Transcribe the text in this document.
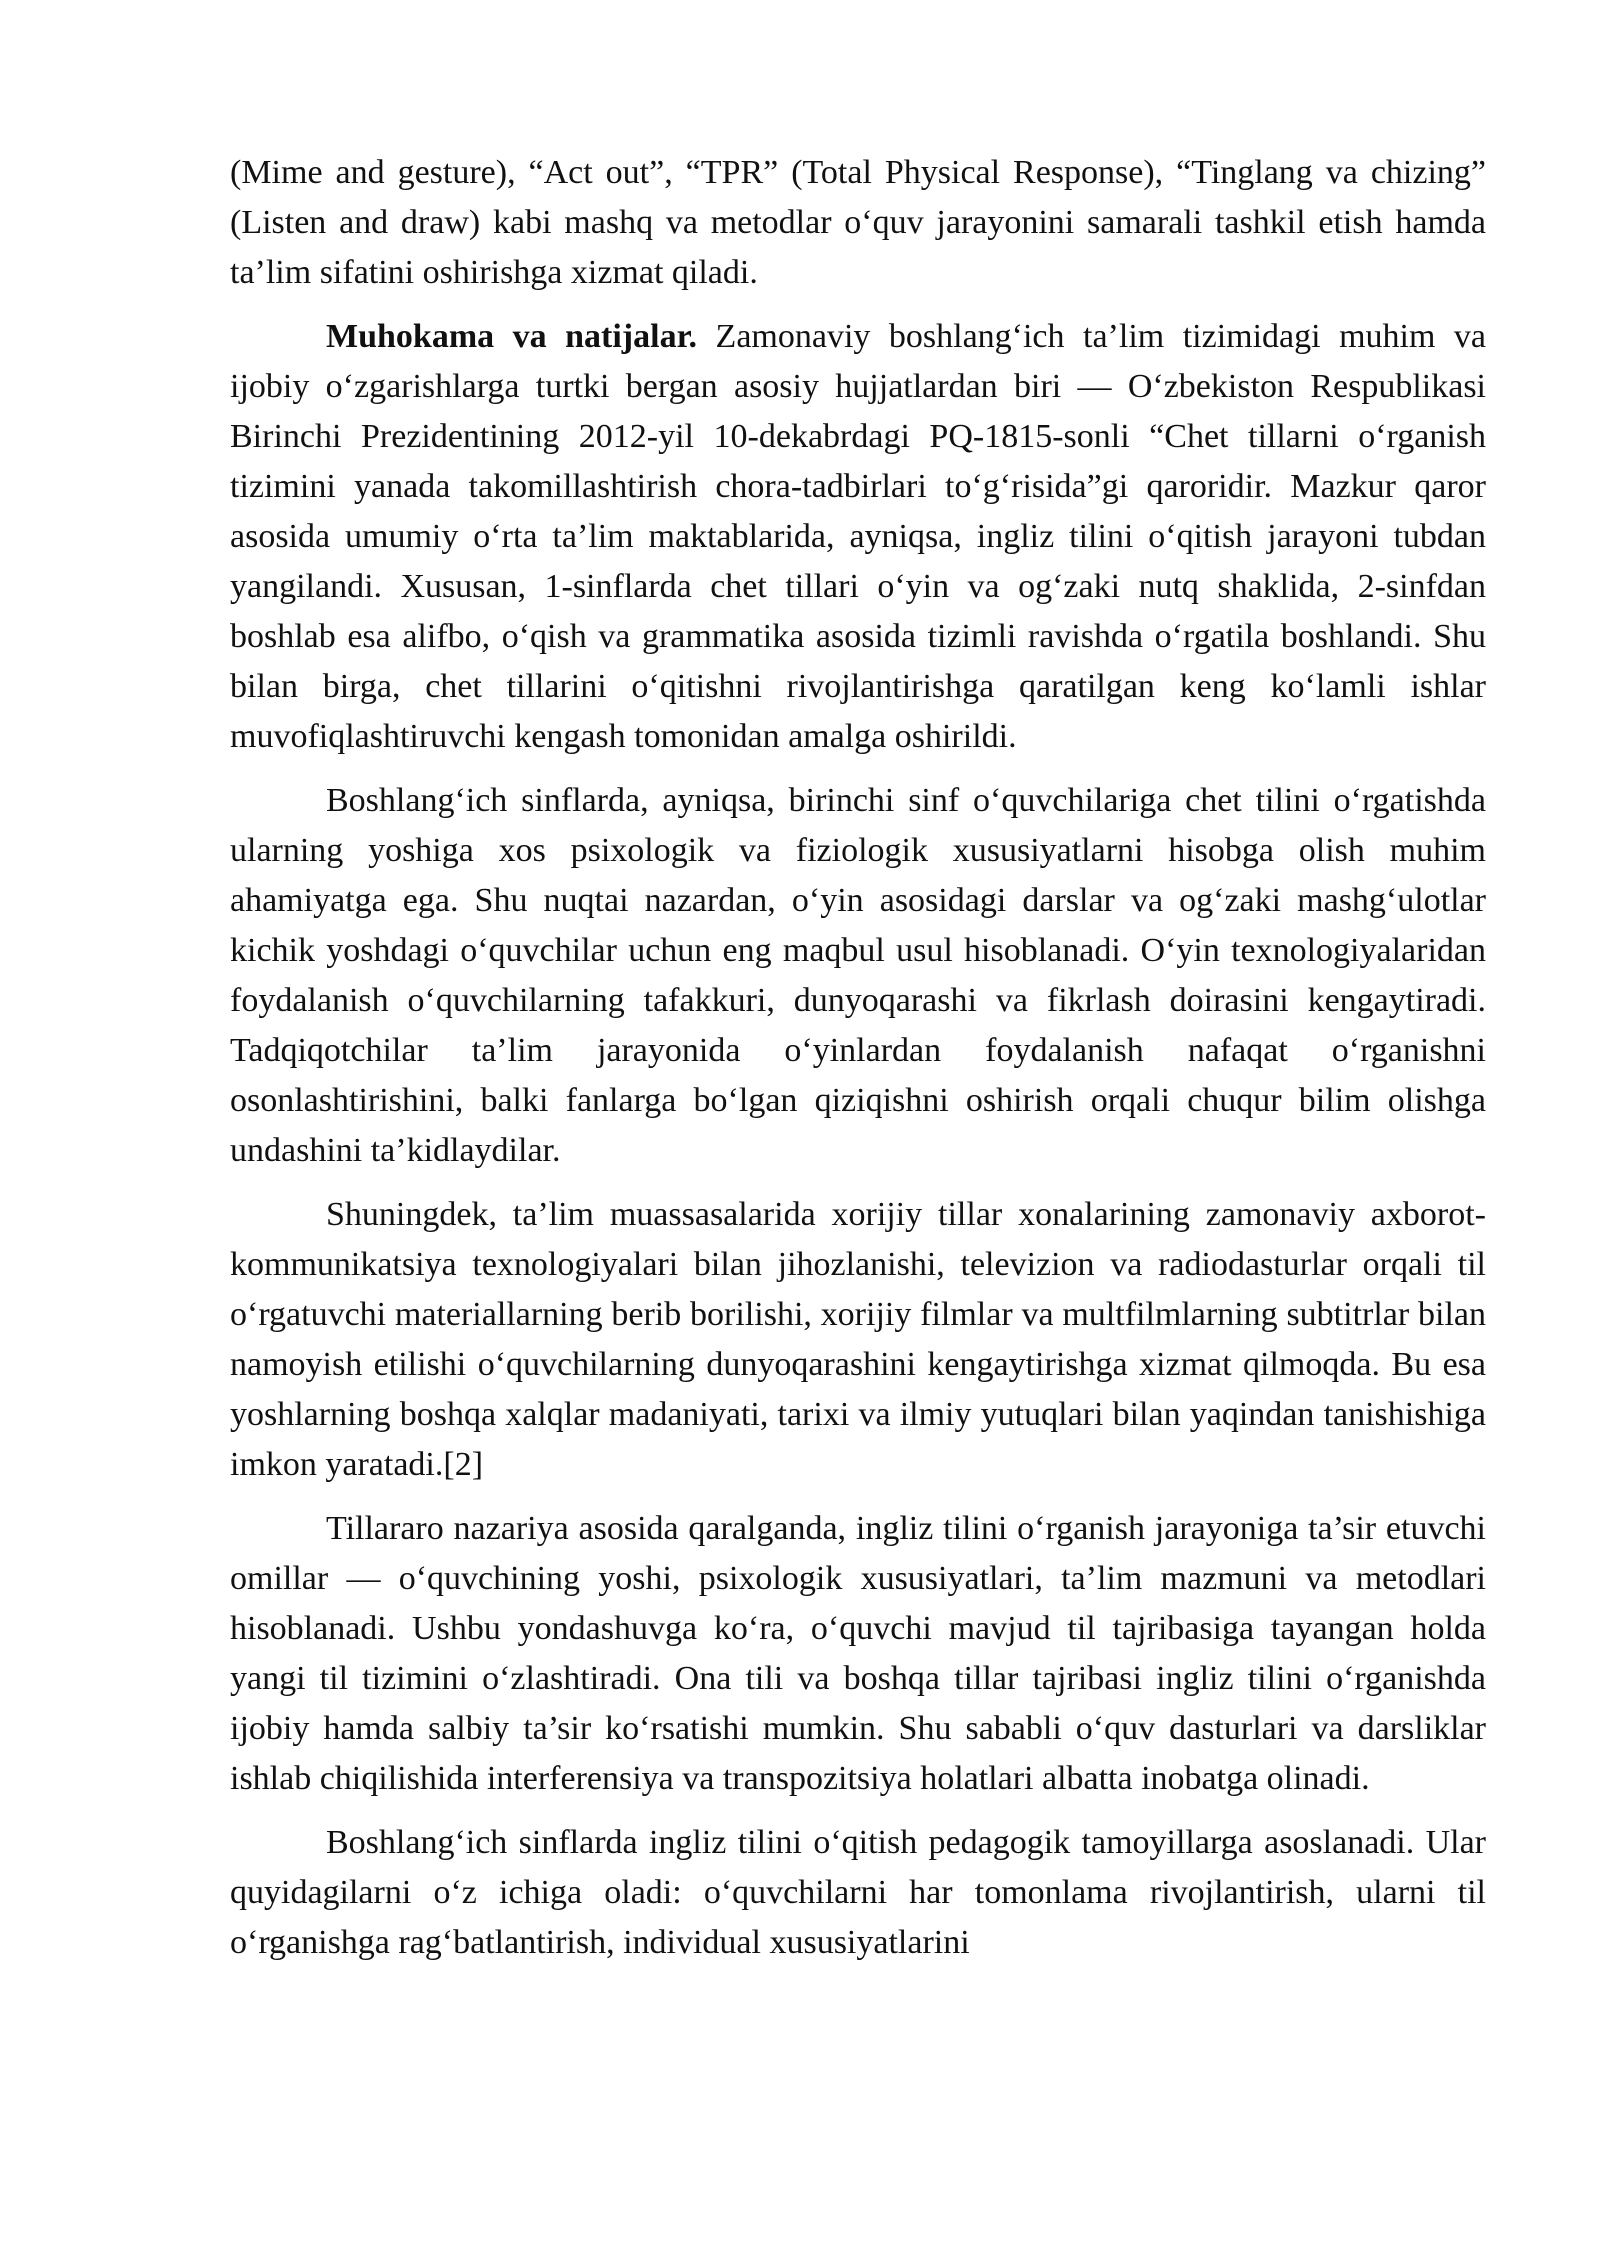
(Mime and gesture), “Act out”, “TPR” (Total Physical Response), “Tinglang va chizing” (Listen and draw) kabi mashq va metodlar o‘quv jarayonini samarali tashkil etish hamda ta’lim sifatini oshirishga xizmat qiladi.

Muhokama va natijalar. Zamonaviy boshlang‘ich ta’lim tizimidagi muhim va ijobiy o‘zgarishlarga turtki bergan asosiy hujjatlardan biri — O‘zbekiston Respublikasi Birinchi Prezidentining 2012-yil 10-dekabrdagi PQ-1815-sonli “Chet tillarni o‘rganish tizimini yanada takomillashtirish chora-tadbirlari to‘g‘risida”gi qaroridir. Mazkur qaror asosida umumiy o‘rta ta’lim maktablarida, ayniqsa, ingliz tilini o‘qitish jarayoni tubdan yangilandi. Xususan, 1-sinflarda chet tillari o‘yin va og‘zaki nutq shaklida, 2-sinfdan boshlab esa alifbo, o‘qish va grammatika asosida tizimli ravishda o‘rgatila boshlandi. Shu bilan birga, chet tillarini o‘qitishni rivojlantirishga qaratilgan keng ko‘lamli ishlar muvofiqlashtiruvchi kengash tomonidan amalga oshirildi.

Boshlang‘ich sinflarda, ayniqsa, birinchi sinf o‘quvchilariga chet tilini o‘rgatishda ularning yoshiga xos psixologik va fiziologik xususiyatlarni hisobga olish muhim ahamiyatga ega. Shu nuqtai nazardan, o‘yin asosidagi darslar va og‘zaki mashg‘ulotlar kichik yoshdagi o‘quvchilar uchun eng maqbul usul hisoblanadi. O‘yin texnologiyalaridan foydalanish o‘quvchilarning tafakkuri, dunyoqarashi va fikrlash doirasini kengaytiradi. Tadqiqotchilar ta’lim jarayonida o‘yinlardan foydalanish nafaqat o‘rganishni osonlashtirishini, balki fanlarga bo‘lgan qiziqishni oshirish orqali chuqur bilim olishga undashini ta’kidlaydilar.

Shuningdek, ta’lim muassasalarida xorijiy tillar xonalarining zamonaviy axborot-kommunikatsiya texnologiyalari bilan jihozlanishi, televizion va radiodasturlar orqali til o‘rgatuvchi materiallarning berib borilishi, xorijiy filmlar va multfilmlarning subtitrlar bilan namoyish etilishi o‘quvchilarning dunyoqarashini kengaytirishga xizmat qilmoqda. Bu esa yoshlarning boshqa xalqlar madaniyati, tarixi va ilmiy yutuqlari bilan yaqindan tanishishiga imkon yaratadi.[2]

Tillararo nazariya asosida qaralganda, ingliz tilini o‘rganish jarayoniga ta’sir etuvchi omillar — o‘quvchining yoshi, psixologik xususiyatlari, ta’lim mazmuni va metodlari hisoblanadi. Ushbu yondashuvga ko‘ra, o‘quvchi mavjud til tajribasiga tayangan holda yangi til tizimini o‘zlashtiradi. Ona tili va boshqa tillar tajribasi ingliz tilini o‘rganishda ijobiy hamda salbiy ta’sir ko‘rsatishi mumkin. Shu sababli o‘quv dasturlari va darsliklar ishlab chiqilishida interferensiya va transpozitsiya holatlari albatta inobatga olinadi.

Boshlang‘ich sinflarda ingliz tilini o‘qitish pedagogik tamoyillarga asoslanadi. Ular quyidagilarni o‘z ichiga oladi: o‘quvchilarni har tomonlama rivojlantirish, ularni til o‘rganishga rag‘batlantirish, individual xususiyatlarini
